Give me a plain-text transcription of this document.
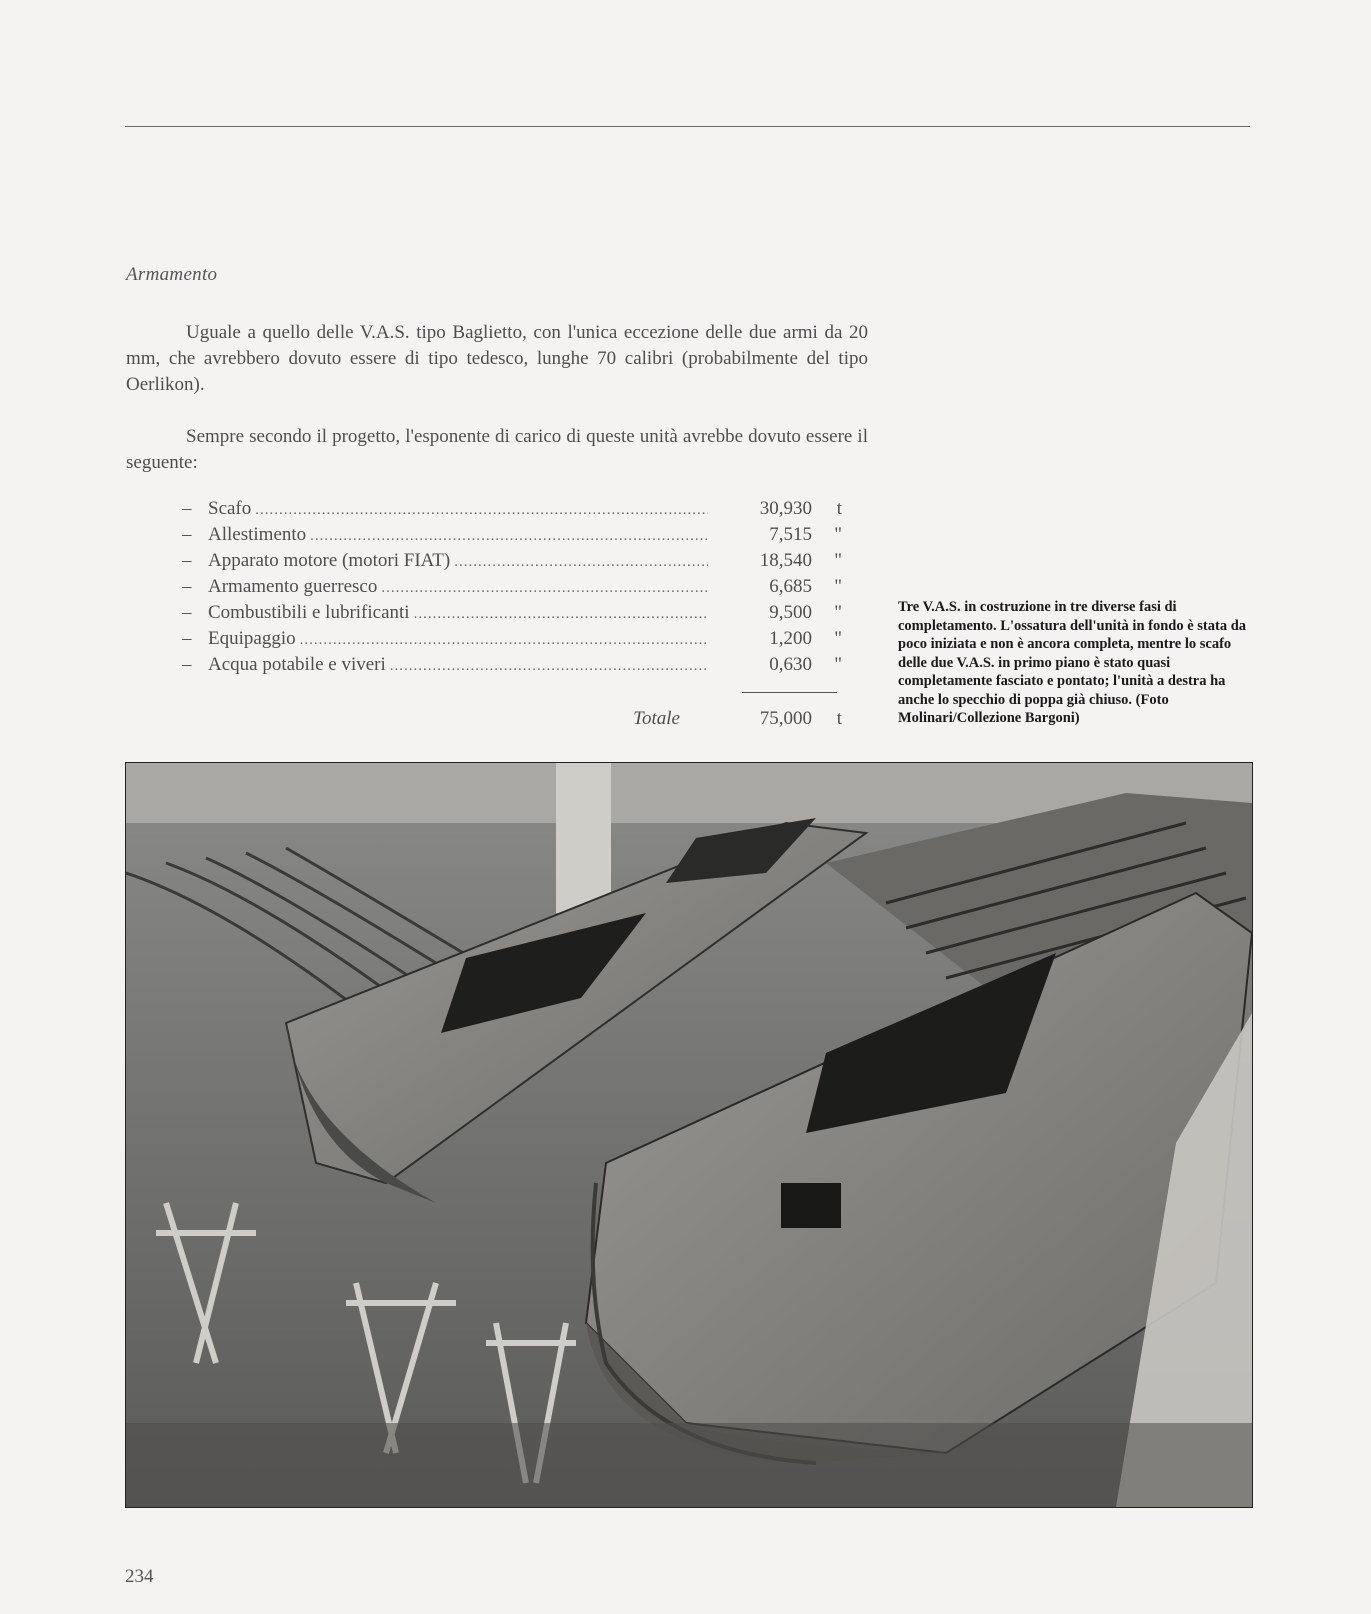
Armamento
Uguale a quello delle V.A.S. tipo Baglietto, con l'unica eccezione delle due armi da 20 mm, che avrebbero dovuto essere di tipo tedesco, lunghe 70 calibri (probabilmente del tipo Oerlikon).
Sempre secondo il progetto, l'esponente di carico di queste unità avrebbe dovuto essere il seguente:
– Scafo .....	30,930	t
– Allestimento .....	7,515	"
– Apparato motore (motori FIAT) .....	18,540	"
– Armamento guerresco .....	6,685	"
– Combustibili e lubrificanti .....	9,500	"
– Equipaggio .....	1,200	"
– Acqua potabile e viveri .....	0,630	"
Totale	75,000	t
Tre V.A.S. in costruzione in tre diverse fasi di completamento. L'ossatura dell'unità in fondo è stata da poco iniziata e non è ancora completa, mentre lo scafo delle due V.A.S. in primo piano è stato quasi completamente fasciato e pontato; l'unità a destra ha anche lo specchio di poppa già chiuso. (Foto Molinari/Collezione Bargoni)
234
